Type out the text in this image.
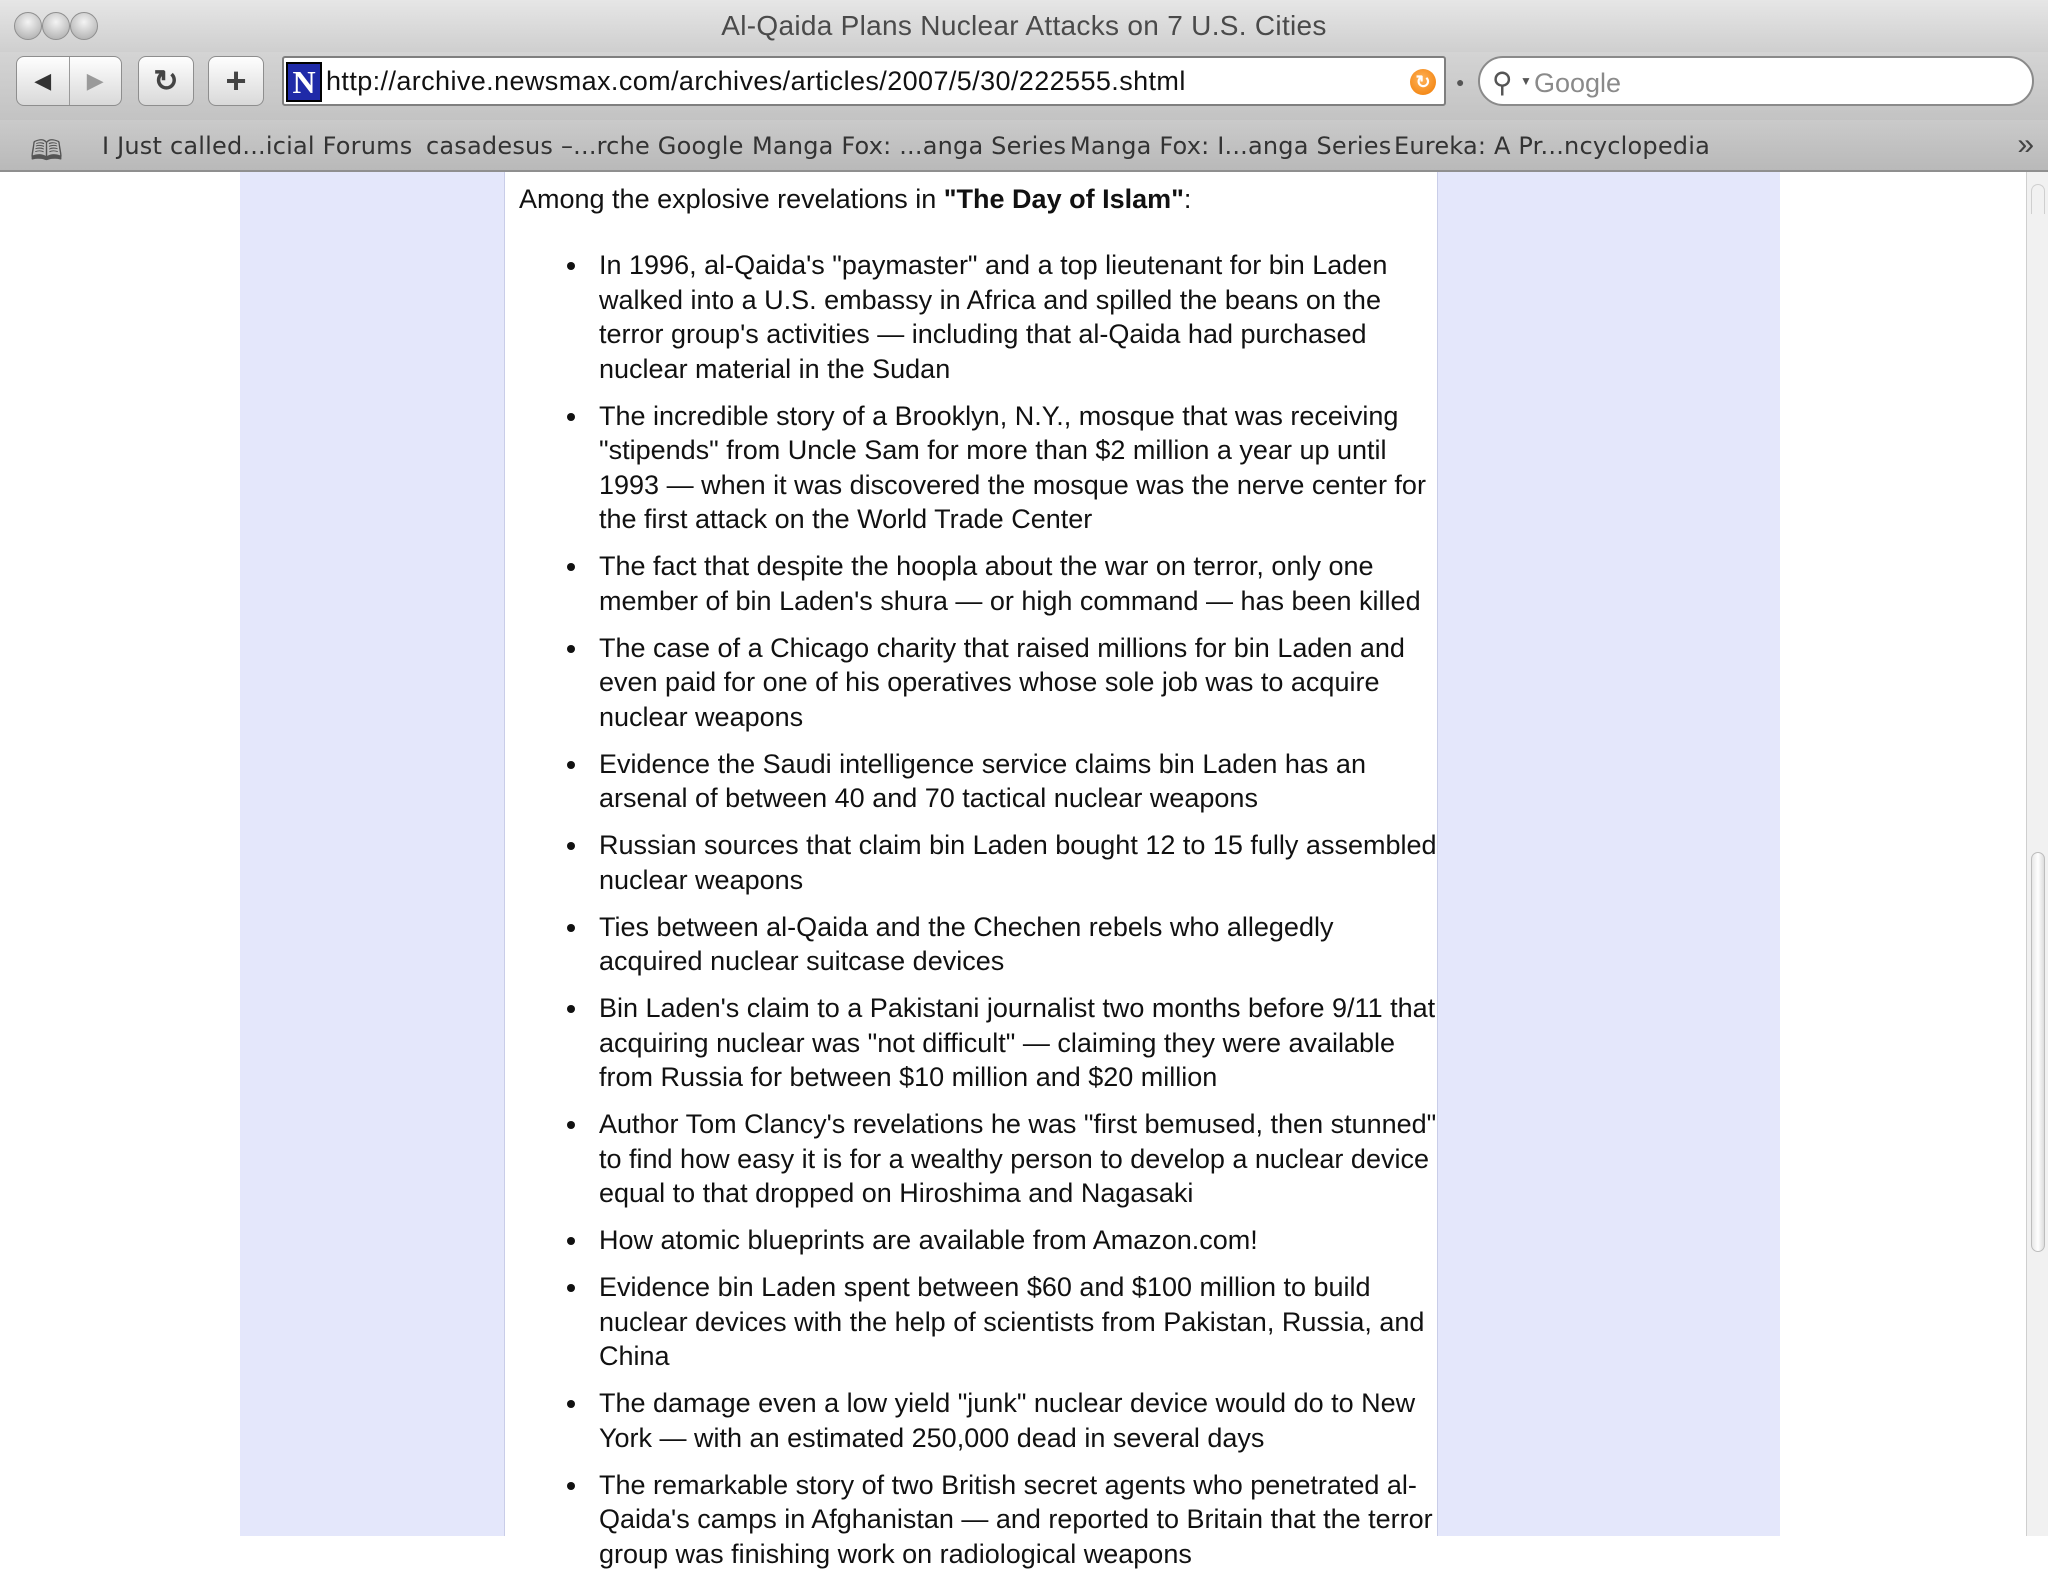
Al-Qaida Plans Nuclear Attacks on 7 U.S. Cities
◀ ▶ ↻ + N http://archive.newsmax.com/archives/articles/2007/5/30/222555.shtml	↻	● ⚲ ▼ Google
🕮 I Just called...icial Forums casadesus –...rche Google Manga Fox: ...anga Series Manga Fox: I...anga Series Eureka: A Pr...ncyclopedia	»
Among the explosive revelations in "The Day of Islam":
In 1996, al-Qaida's "paymaster" and a top lieutenant for bin Laden walked into a U.S. embassy in Africa and spilled the beans on the terror group's activities — including that al-Qaida had purchased nuclear material in the Sudan
The incredible story of a Brooklyn, N.Y., mosque that was receiving "stipends" from Uncle Sam for more than $2 million a year up until 1993 — when it was discovered the mosque was the nerve center for the first attack on the World Trade Center
The fact that despite the hoopla about the war on terror, only one member of bin Laden's shura — or high command — has been killed
The case of a Chicago charity that raised millions for bin Laden and even paid for one of his operatives whose sole job was to acquire nuclear weapons
Evidence the Saudi intelligence service claims bin Laden has an arsenal of between 40 and 70 tactical nuclear weapons
Russian sources that claim bin Laden bought 12 to 15 fully assembled nuclear weapons
Ties between al-Qaida and the Chechen rebels who allegedly acquired nuclear suitcase devices
Bin Laden's claim to a Pakistani journalist two months before 9/11 that acquiring nuclear was "not difficult" — claiming they were available from Russia for between $10 million and $20 million
Author Tom Clancy's revelations he was "first bemused, then stunned" to find how easy it is for a wealthy person to develop a nuclear device equal to that dropped on Hiroshima and Nagasaki
How atomic blueprints are available from Amazon.com!
Evidence bin Laden spent between $60 and $100 million to build nuclear devices with the help of scientists from Pakistan, Russia, and China
The damage even a low yield "junk" nuclear device would do to New York — with an estimated 250,000 dead in several days
The remarkable story of two British secret agents who penetrated al-Qaida's camps in Afghanistan — and reported to Britain that the terror group was finishing work on radiological weapons
